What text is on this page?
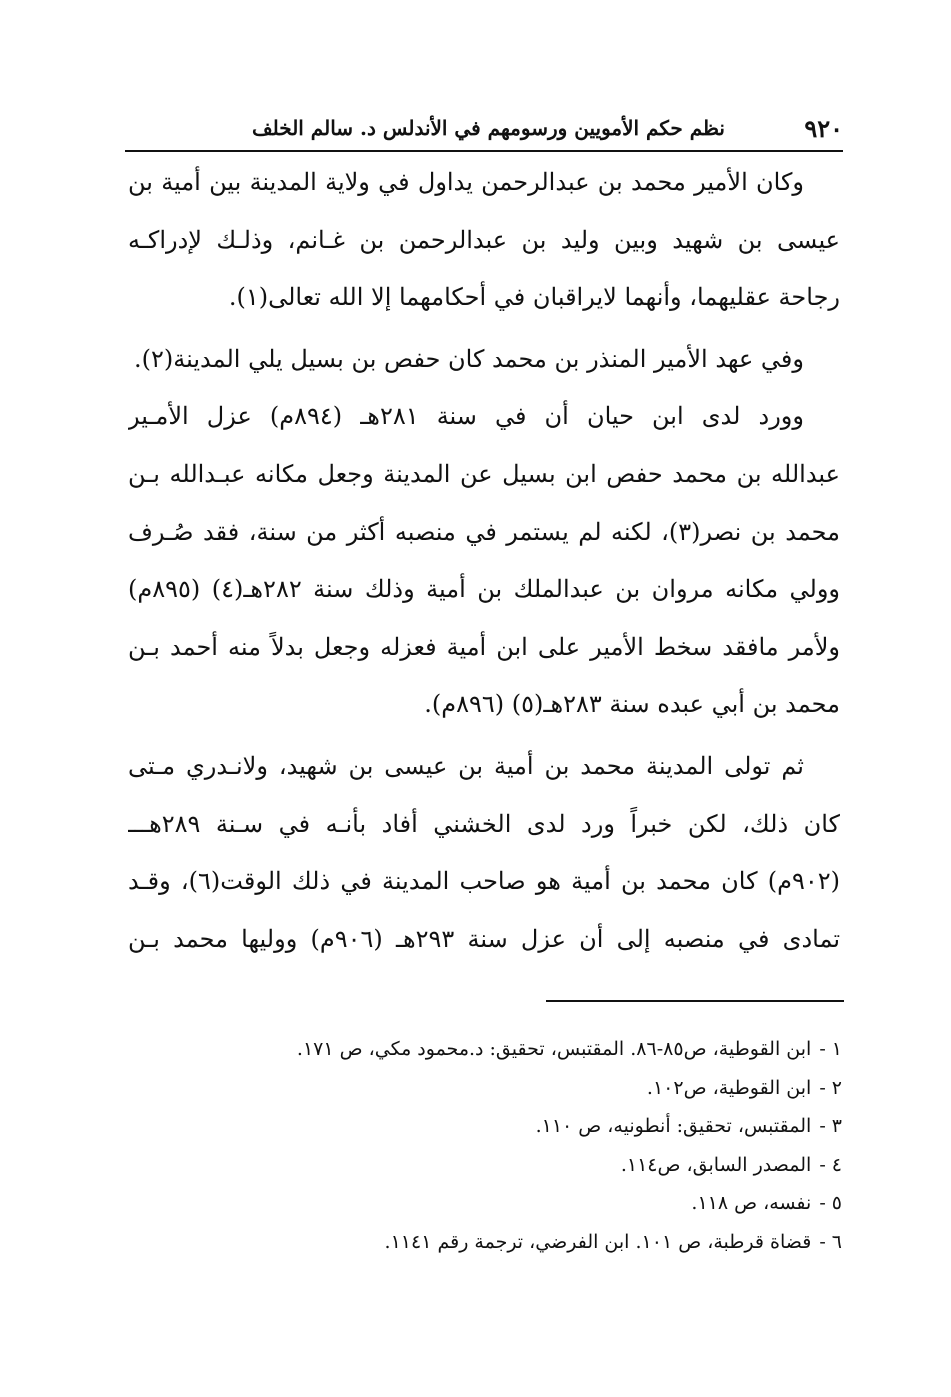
٩٢٠
نظم حكم الأمويين ورسومهم في الأندلس د. سالم الخلف
وكان الأمير محمد بن عبدالرحمن يداول في ولاية المدينة بين أمية بن
عيسى بن شهيد وبين وليد بن عبدالرحمن بن غـانم، وذلـك لإدراكـه
رجاحة عقليهما، وأنهما لايراقبان في أحكامهما إلا الله تعالى(١).
وفي عهد الأمير المنذر بن محمد كان حفص بن بسيل يلي المدينة(٢).
وورد لدى ابن حيان أن في سنة ٢٨١هـ (٨٩٤م) عزل الأمـير
عبدالله بن محمد حفص ابن بسيل عن المدينة وجعل مكانه عبـدالله بـن
محمد بن نصر(٣)، لكنه لم يستمر في منصبه أكثر من سنة، فقد صُـرف
وولي مكانه مروان بن عبدالملك بن أمية وذلك سنة ٢٨٢هـ(٤) (٨٩٥م)
ولأمر مافقد سخط الأمير على ابن أمية فعزله وجعل بدلاً منه أحمد بـن
محمد بن أبي عبده سنة ٢٨٣هـ(٥) (٨٩٦م).
ثم تولى المدينة محمد بن أمية بن عيسى بن شهيد، ولانـدري مـتى
كان ذلك، لكن خبراً ورد لدى الخشني أفاد بأنـه في سـنة ٢٨٩هـــ
(٩٠٢م) كان محمد بن أمية هو صاحب المدينة في ذلك الوقت(٦)، وقـد
تمادى في منصبه إلى أن عزل سنة ٢٩٣هـ (٩٠٦م) ووليها محمد بـن
١ -ابن القوطية، ص٨٥-٨٦. المقتبس، تحقيق: د.محمود مكي، ص ١٧١.
٢ -ابن القوطية، ص١٠٢.
٣ -المقتبس، تحقيق: أنطونيه، ص ١١٠.
٤ -المصدر السابق، ص١١٤.
٥ -نفسه، ص ١١٨.
٦ -قضاة قرطبة، ص ١٠١. ابن الفرضي، ترجمة رقم ١١٤١.
